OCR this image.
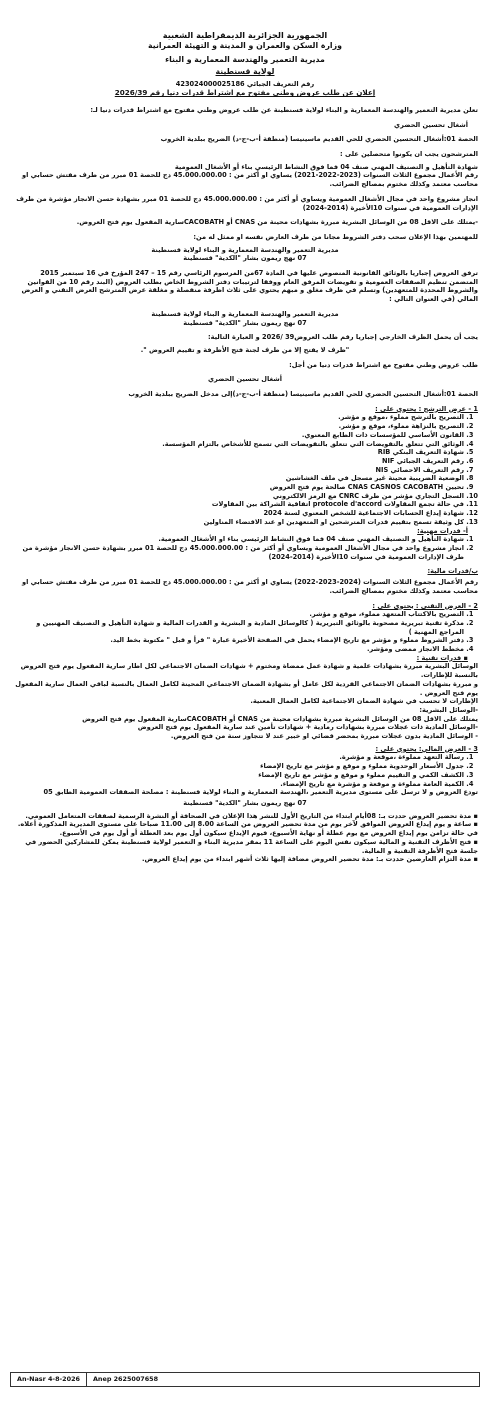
الجمهورية الجزائرية الديمقراطية الشعبية
وزارة السكن والعمران و المدينة و التهيئة العمرانية
مديرية التعمير والهندسة المعمارية و البناء
لولاية قسنطينة
رقم التعريف الجبائي 423024000025186
إعلان عن طلب عروض وطني مفتوح مع اشتراط قدرات دنيا رقم 2026/39

تعلن مديرية التعمير والهندسة المعمارية و البناء لولاية قسنطينة عن طلب عروض وطني مفتوح مع اشتراط قدرات دنيا لـ:

أشغال تحسين الحضري

الحصة 01:أشغال التحسين الحضري للحي القديم ماسينيسا (منطقة أ-ب-ج-د) الضريح ببلدية الخروب

المترشحون يجب ان يكونوا متحصلين على :

شهادة التأهيل و التصنيف المهني صنف 04 فما فوق النشاط الرئيسي بناء أو الأشغال العمومية

رقم الأعمال مجموع الثلاث السنوات (2023-2022-2021) يساوي او أكثر من : 45.000.000.00 دج للحصة 01 مبرر من طرف مفتش حسابي او محاسب معتمد وكذلك مختوم بمصالح الضرائب.

انجاز مشروع واحد في مجال الأشغال العمومية ويساوي أو أكثر من : 45.000.000.00 دج للحصة 01 مبرر بشهادة حسن الانجاز مؤشرة من طرف الإدارات العمومية في سنوات 10الأخيرة (2014-2024)

-يمتلك على الاقل 08 من الوسائل البشرية مبررة بشهادات محينة من CNAS أو CACOBATHسارية المفعول يوم فتح العروض.

للمهتمين بهذا الإعلان سحب دفتر الشروط مجانا من طرف العارض نفسه او ممثل له من:

مديرية التعمير والهندسة المعمارية و البناء لولاية قسنطينة
07 نهج ريمون بشار "الكدية" قسنطينة

ترفق العروض إجباريا بالوثائق القانونية المنصوص عليها في المادة 67من المرسوم الرئاسي رقم 15 – 247 المؤرخ في 16 سبتمبر 2015 المتضمن تنظيم الصفقات العمومية و تفويضات المرفق العام ووفقا لترتيبات دفتر الشروط الخاص بطلب العروض (البند رقم 10 من القوانين والشروط المحددة للمتعهدين) وتسلم في ظرف مغلق و مبهم يحتوي على ثلاث اظرفة منفصلة و مغلقة عرض المترشح العرض التقني و العرض المالي (في العنوان التالي :

مديرية التعمير والهندسة المعمارية و البناء لولاية قسنطينة
07 نهج ريمون بشار "الكدية" قسنطينة

يجب أن يحمل الظرف الخارجي إجباريا رقم طلب العروض39 /2026 و العبارة التالية:

"ظرف لا يفتح إلا من طرف لجنة فتح الأظرفة و تقييم العروض ".

طلب عروض وطني مفتوح مع اشتراط قدرات دنيا من أجل:

أشغال تحسين الحضري

الحصة 01:أشغال التحسين الحضري للحي القديم ماسينيسا (منطقة أ-ب-ج-د)إلى مدخل الضريح ببلدية الخروب

1 - عرض الترشح : يحتوي على :

1. التصريح بالترشح مملوء ،موقع و مؤشر.
2. التصريح بالنزاهة مملوء، موقع و مؤشر.
3. القانون الأساسي للمؤسسات ذات الطابع المعنوي.
4. الوثائق التي تتعلق بالتفويضات التي تتعلق بالتفويضات التي تسمح للأشخاص بالتزام المؤسسة.
5. شهادة التعريف البنكي RIB
6. رقم التعريف الجبائي NIF
7. رقم التعريف الاحصائي NIS
8. الوضعية الضريبية محينة غير مسجل في ملف الغشاشين
9. تحيين CNAS CASNOS CACOBATH صالحة يوم فتح العروض
10. السجل التجاري مؤشر من طرف CNRC مع الرمز الالكتروني
11. في حالة تجمع المقاولات protocole d'accord اتفاقية الشراكة بين المقاولات
12. شهادة إيداع الحسابات الاجتماعية للشخص المعنوي لسنة 2024
13. كل وثيقة تسمح بتقييم قدرات المترشحين او المتعهدين او عند الاقتضاء المناولين

أ- قدرات مهنية:

1. شهادة التأهيل و التصنيف المهني صنف 04 فما فوق النشاط الرئيسي بناء او الأشغال العمومية.
2. انجاز مشروع واحد في مجال الأشغال العمومية ويساوي أو أكثر من : 45.000.000.00 دج للحصة 01 مبرر بشهادة حسن الانجاز مؤشرة من طرف الإدارات العمومية في سنوات 10الأخيرة (2014-2024)

ب/قدرات مالية:

رقم الأعمال مجموع الثلاث السنوات (2024-2023-2022) يساوي او أكثر من : 45.000.000.00 دج للحصة 01 مبرر من طرف مفتش حسابي او محاسب معتمد وكذلك مختوم بمصالح الضرائب.

2 - العرض التقني : يحتوي على :

1. التصريح بالاكتتاب المتعهد مملوء، موقع و مؤشر.
2. مذكرة تقنية تبريرية مصحوبة بالوثائق التبريرية ( كالوسائل المادية و البشرية و القدرات المالية و شهادة التأهيل و التصنيف المهنيين و المراجع المهنية )
3. دفتر الشروط مملوء و مؤشر مع تاريخ الإمضاء يحمل في الصفحة الأخيرة عبارة " قرأ و قبل " مكتوبة بخط اليد.
4. مخطط الانجاز ممضى ومؤشر.

▪ قدرات تقنية :

الوسائل البشرية مبررة بشهادات علمية و شهادة عمل ممضاة ومختوم + شهادات الضمان الاجتماعي لكل اطار سارية المفعول يوم فتح العروض بالنسبة للإطارات.

و مبررة بشهادات الضمان الاجتماعي الفردية لكل عامل أو بشهادة الضمان الاجتماعي المحينة لكامل العمال بالنسبة لباقي العمال سارية المفعول يوم فتح العروض .

الإطارات لا تحسب في شهادة الضمان الاجتماعية لكامل العمال المعنية.

-الوسائل البشرية:

يمتلك على الاقل 08 من الوسائل البشرية مبررة بشهادات محينة من CNAS أو CACOBATHسارية المفعول يوم فتح العروض

-الوسائل المادية ذات عجلات مبررة بشهادات رمادية + شهادات تأمين عند سارية المفعول يوم فتح العروض

- الوسائل المادية بدون عجلات مبررة بمحضر قضائي او خبير عند لا تتجاوز سنة من فتح العروض.

3 - العرض المالي: يحتوي على :

1. رسالة التعهد مملوءة ،موقعة و مؤشرة.
2. جدول الأسعار الوحدوية مملوء و موقع و مؤشر مع تاريخ الإمضاء
3. الكشف الكمي و التقييم مملوء و موقع و مؤشر مع تاريخ الإمضاء
4. الكمية العامة مملوءة و موقعة و مؤشرة مع تاريخ الإمضاء.

تودع العروض و لا ترسل على مستوى مديرية التعمير ،الهندسة المعمارية و البناء لولاية قسنطينة : مصلحة الصفقات العمومية الطابق 05

07 نهج ريمون بشار "الكدية" قسنطينة
▪ مدة تحضير العروض حددت بـ: 08أيام ابتداء من التاريخ الأول للنشر هذا الإعلان في الصحافة أو النشرة الرسمية لصفقات المتعامل العمومي.
▪ ساعة و يوم إيداع العروض الموافق لآخر يوم من مدة تحضير العروض من الساعة 8.00 إلى 11.00 صباحا على مستوى المديرية المذكورة أعلاه. في حالة تزامن يوم إيداع العروض مع يوم عطلة أو نهاية الأسبوع، فيوم الإيداع سيكون أول يوم بعد العطلة أو أول يوم في الأسبوع.
▪ فتح الأظرف التقنية و المالية سيكون نفس اليوم على الساعة 11 بمقر مديرية البناء و التعمير لولاية قسنطينة يمكن للمشاركين الحضور في جلسة فتح الأظرفة التقنية و المالية.
▪ مدة التزام العارضين حددت بـ: مدة تحضير العروض مضافة إليها ثلاث أشهر ابتداء من يوم إيداع العروض.
An-Nasr 4-8-2026	Anep 2625007658
